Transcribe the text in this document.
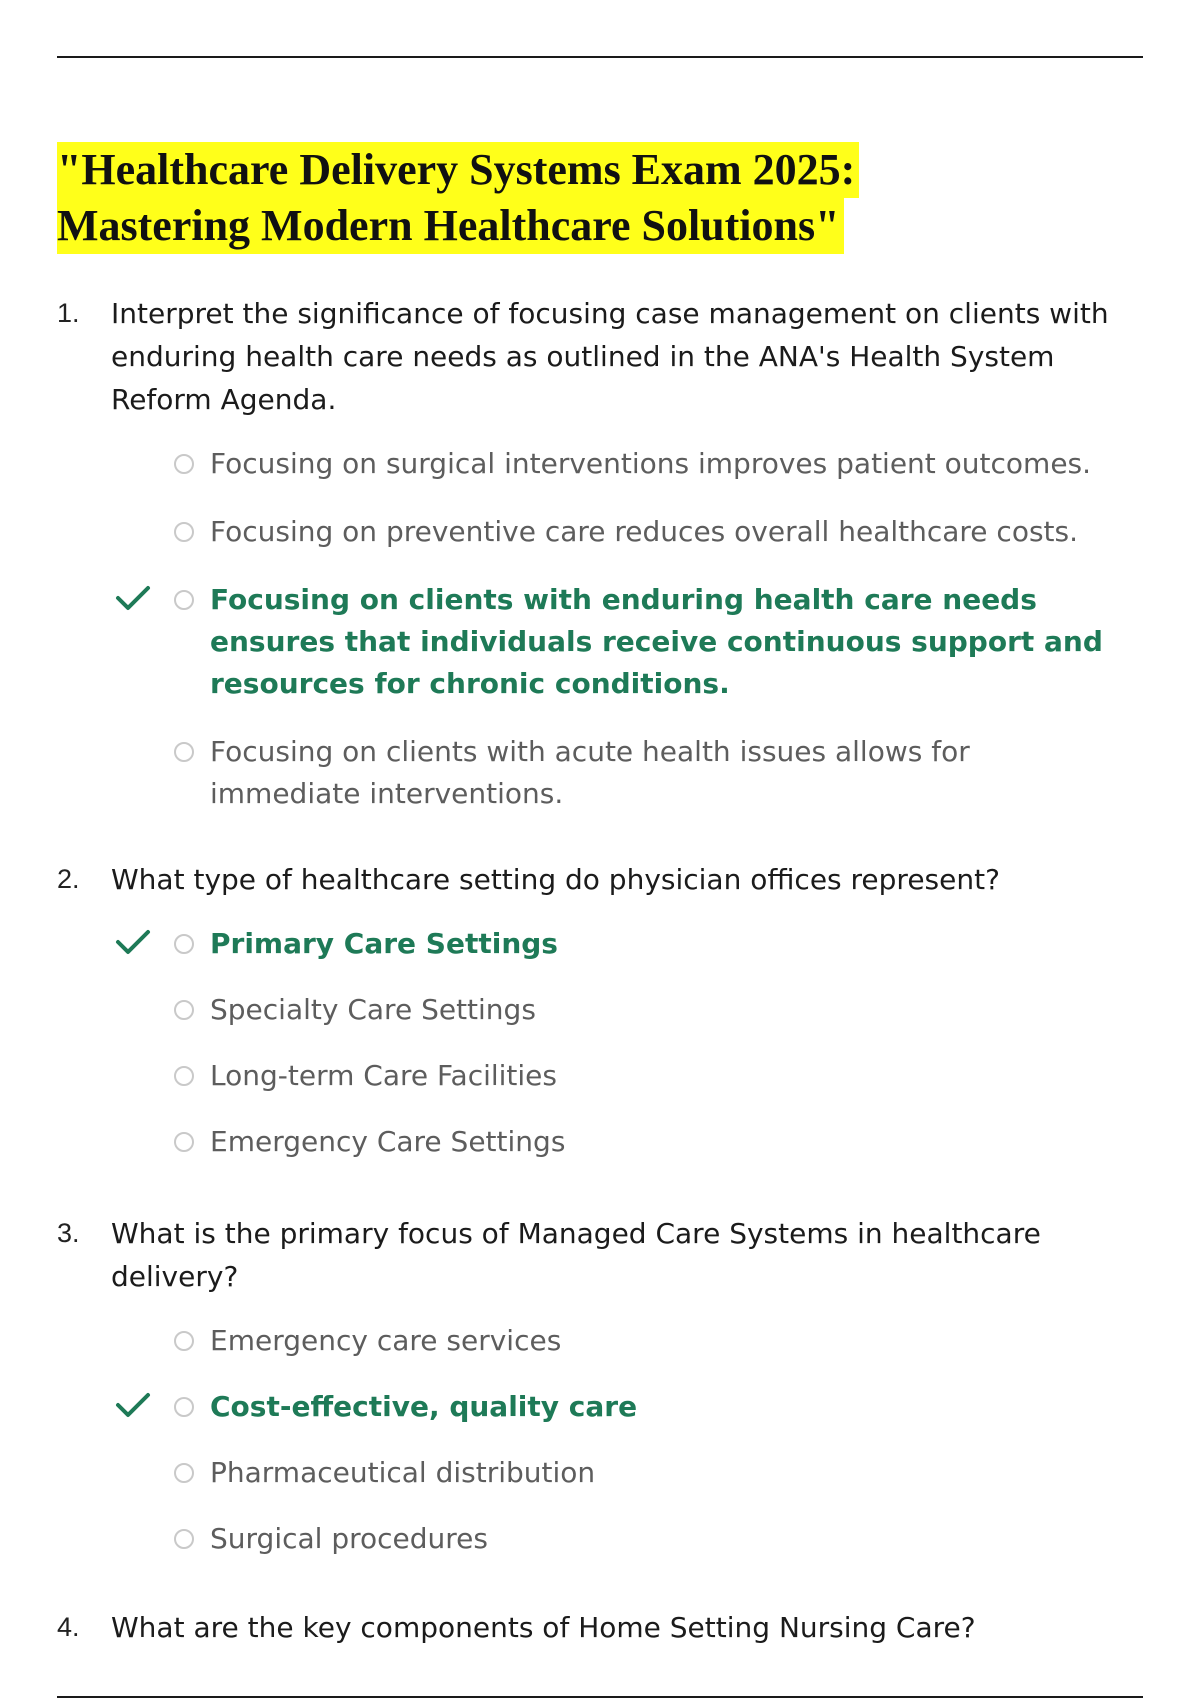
"Healthcare Delivery Systems Exam 2025:
Mastering Modern Healthcare Solutions"
1. Interpret the significance of focusing case management on clients with enduring health care needs as outlined in the ANA's Health System Reform Agenda.
Focusing on surgical interventions improves patient outcomes.
Focusing on preventive care reduces overall healthcare costs.
Focusing on clients with enduring health care needs ensures that individuals receive continuous support and resources for chronic conditions.
Focusing on clients with acute health issues allows for immediate interventions.
2. What type of healthcare setting do physician offices represent?
Primary Care Settings
Specialty Care Settings
Long-term Care Facilities
Emergency Care Settings
3. What is the primary focus of Managed Care Systems in healthcare delivery?
Emergency care services
Cost-effective, quality care
Pharmaceutical distribution
Surgical procedures
4. What are the key components of Home Setting Nursing Care?
